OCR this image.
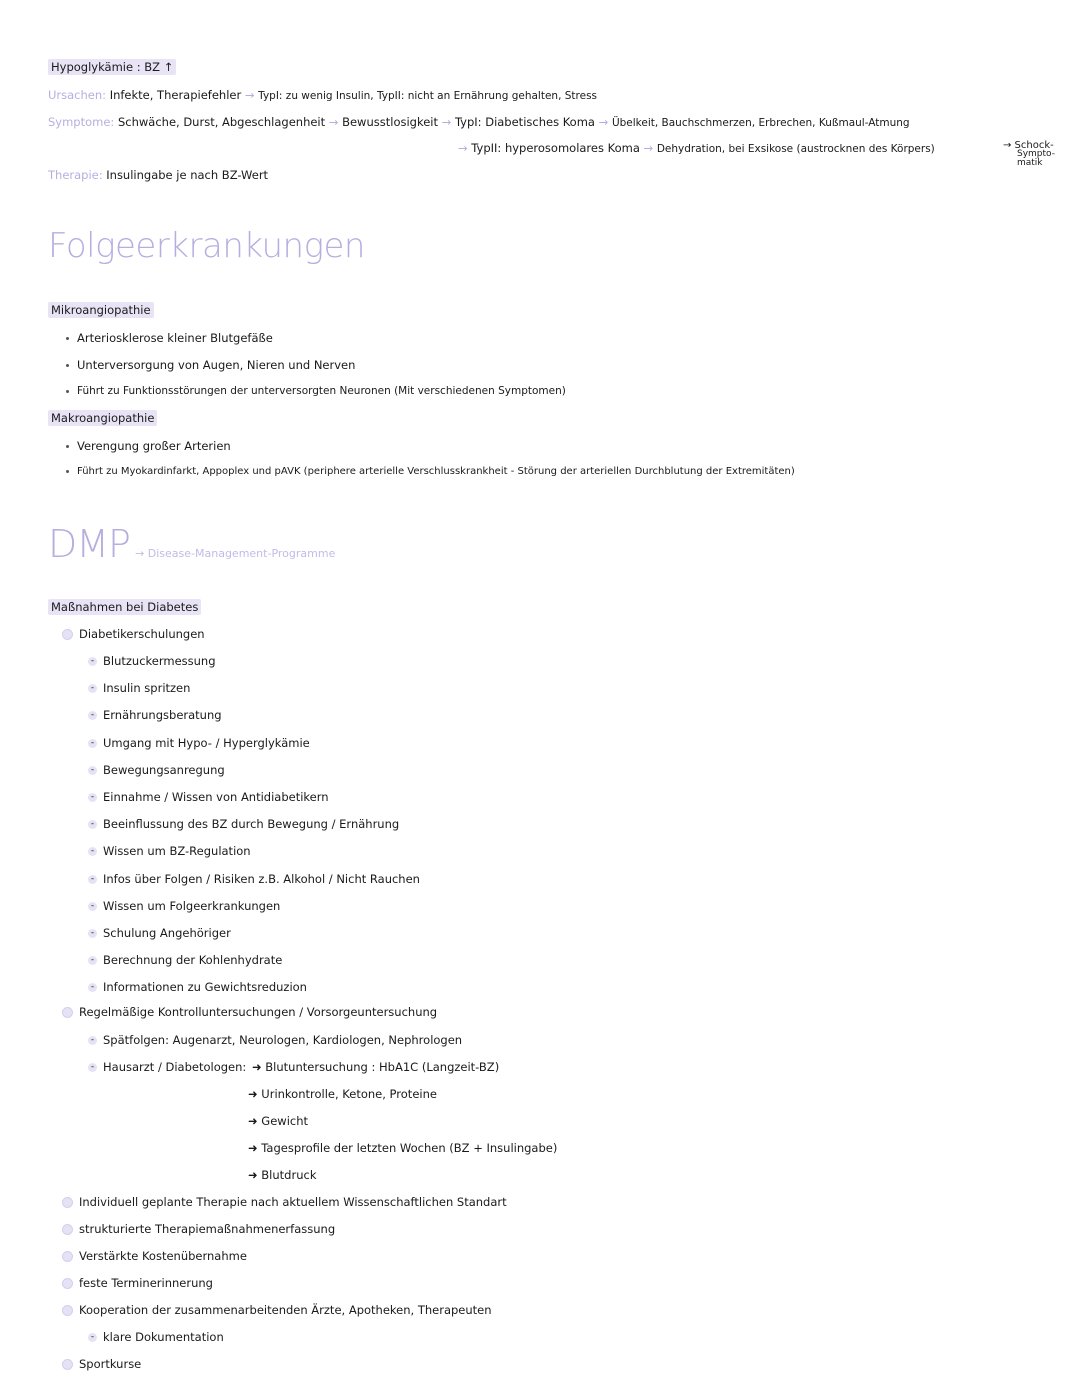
Hypoglykämie : BZ ↑
Ursachen: Infekte, Therapiefehler → TypI: zu wenig Insulin, TypII: nicht an Ernährung gehalten, Stress
Symptome: Schwäche, Durst, Abgeschlagenheit → Bewusstlosigkeit → TypI: Diabetisches Koma → Übelkeit, Bauchschmerzen, Erbrechen, Kußmaul-Atmung
→ TypII: hyperosomolares Koma → Dehydration, bei Exsikose (austrocknen des Körpers)	→ Schock-
Sympto-
matik
Therapie: Insulingabe je nach BZ-Wert
Folgeerkrankungen
Mikroangiopathie
Arteriosklerose kleiner Blutgefäße
Unterversorgung von Augen, Nieren und Nerven
Führt zu Funktionsstörungen der unterversorgten Neuronen (Mit verschiedenen Symptomen)
Makroangiopathie
Verengung großer Arterien
Führt zu Myokardinfarkt, Appoplex und pAVK (periphere arterielle Verschlusskrankheit - Störung der arteriellen Durchblutung der Extremitäten)
DMP → Disease-Management-Programme
Maßnahmen bei Diabetes
Diabetikerschulungen
- Blutzuckermessung
- Insulin spritzen
- Ernährungsberatung
- Umgang mit Hypo- / Hyperglykämie
- Bewegungsanregung
- Einnahme / Wissen von Antidiabetikern
- Beeinflussung des BZ durch Bewegung / Ernährung
- Wissen um BZ-Regulation
- Infos über Folgen / Risiken z.B. Alkohol / Nicht Rauchen
- Wissen um Folgeerkrankungen
- Schulung Angehöriger
- Berechnung der Kohlenhydrate
- Informationen zu Gewichtsreduzion
Regelmäßige Kontrolluntersuchungen / Vorsorgeuntersuchung
- Spätfolgen: Augenarzt, Neurologen, Kardiologen, Nephrologen
- Hausarzt / Diabetologen: ➜ Blutuntersuchung : HbA1C (Langzeit-BZ)
➜ Urinkontrolle, Ketone, Proteine
➜ Gewicht
➜ Tagesprofile der letzten Wochen (BZ + Insulingabe)
➜ Blutdruck
Individuell geplante Therapie nach aktuellem Wissenschaftlichen Standart
strukturierte Therapiemaßnahmenerfassung
Verstärkte Kostenübernahme
feste Terminerinnerung
Kooperation der zusammenarbeitenden Ärzte, Apotheken, Therapeuten
- klare Dokumentation
Sportkurse
